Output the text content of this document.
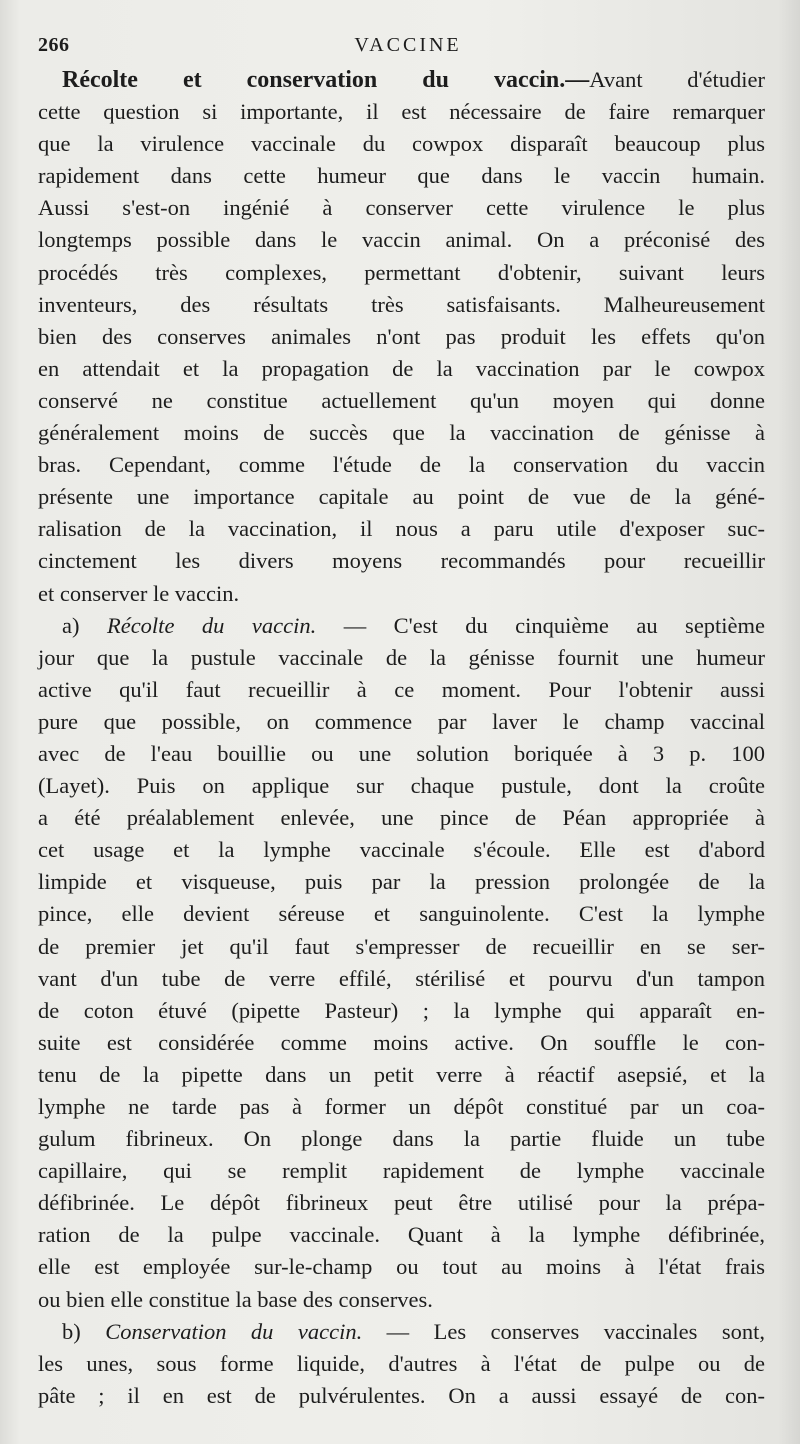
266	VACCINE
Récolte et conservation du vaccin.—Avant d'étudier
cette question si importante, il est nécessaire de faire remarquer
que la virulence vaccinale du cowpox disparaît beaucoup plus
rapidement dans cette humeur que dans le vaccin humain.
Aussi s'est-on ingénié à conserver cette virulence le plus
longtemps possible dans le vaccin animal. On a préconisé des
procédés très complexes, permettant d'obtenir, suivant leurs
inventeurs, des résultats très satisfaisants. Malheureusement
bien des conserves animales n'ont pas produit les effets qu'on
en attendait et la propagation de la vaccination par le cowpox
conservé ne constitue actuellement qu'un moyen qui donne
généralement moins de succès que la vaccination de génisse à
bras. Cependant, comme l'étude de la conservation du vaccin
présente une importance capitale au point de vue de la géné-
ralisation de la vaccination, il nous a paru utile d'exposer suc-
cinctement les divers moyens recommandés pour recueillir
et conserver le vaccin.
a) Récolte du vaccin. — C'est du cinquième au septième
jour que la pustule vaccinale de la génisse fournit une humeur
active qu'il faut recueillir à ce moment. Pour l'obtenir aussi
pure que possible, on commence par laver le champ vaccinal
avec de l'eau bouillie ou une solution boriquée à 3 p. 100
(Layet). Puis on applique sur chaque pustule, dont la croûte
a été préalablement enlevée, une pince de Péan appropriée à
cet usage et la lymphe vaccinale s'écoule. Elle est d'abord
limpide et visqueuse, puis par la pression prolongée de la
pince, elle devient séreuse et sanguinolente. C'est la lymphe
de premier jet qu'il faut s'empresser de recueillir en se ser-
vant d'un tube de verre effilé, stérilisé et pourvu d'un tampon
de coton étuvé (pipette Pasteur) ; la lymphe qui apparaît en-
suite est considérée comme moins active. On souffle le con-
tenu de la pipette dans un petit verre à réactif asepsié, et la
lymphe ne tarde pas à former un dépôt constitué par un coa-
gulum fibrineux. On plonge dans la partie fluide un tube
capillaire, qui se remplit rapidement de lymphe vaccinale
défibrinée. Le dépôt fibrineux peut être utilisé pour la prépa-
ration de la pulpe vaccinale. Quant à la lymphe défibrinée,
elle est employée sur-le-champ ou tout au moins à l'état frais
ou bien elle constitue la base des conserves.
b) Conservation du vaccin. — Les conserves vaccinales sont,
les unes, sous forme liquide, d'autres à l'état de pulpe ou de
pâte ; il en est de pulvérulentes. On a aussi essayé de con-
